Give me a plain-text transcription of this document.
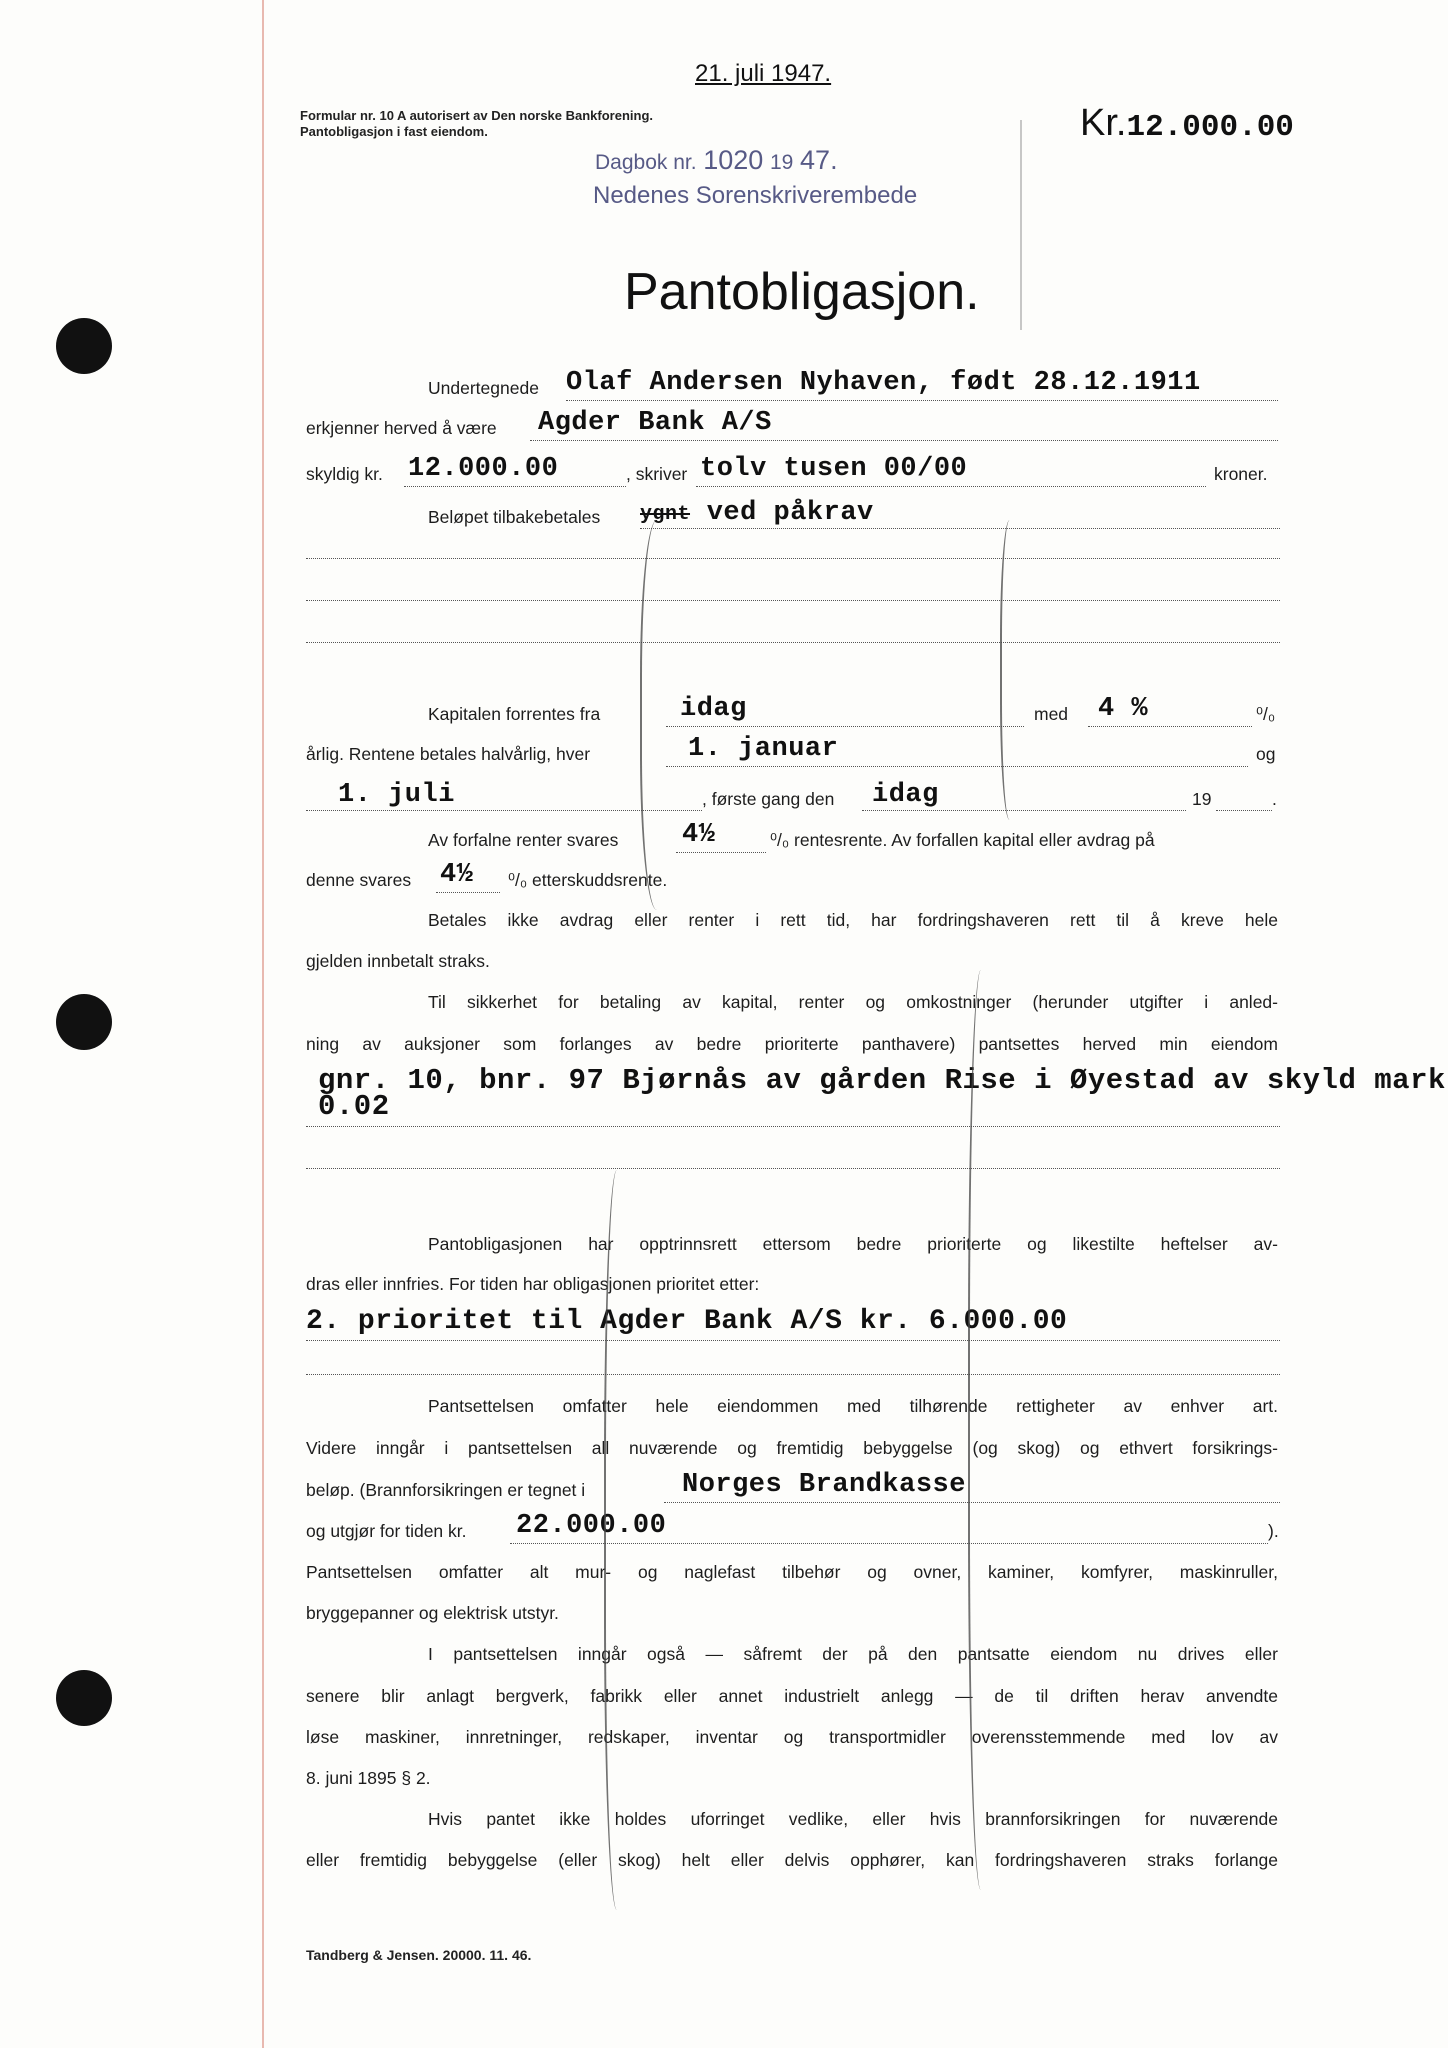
21. juli 1947.
Formular nr. 10 A autorisert av Den norske Bankforening.
Pantobligasjon i fast eiendom.	Kr.12.000.00
Dagbok nr. 1020 19 47.
Nedenes Sorenskriverembede
Pantobligasjon.
Undertegnede Olaf Andersen Nyhaven, født 28.12.1911
erkjenner herved å være Agder Bank A/S
skyldig kr. 12.000.00	, skriver tolv tusen 00/00	kroner.
Beløpet tilbakebetales ygnt ved påkrav
Kapitalen forrentes fra	idag	med 4 %	⁰/₀
årlig. Rentene betales halvårlig, hver	1. januar	og
1. juli	, første gang den idag	19	.
Av forfalne renter svares 4½	⁰/₀ rentesrente. Av forfallen kapital eller avdrag på
denne svares 4½ ⁰/₀ etterskuddsrente.
Betales ikke avdrag eller renter i rett tid, har fordringshaveren rett til å kreve hele
gjelden innbetalt straks.
Til sikkerhet for betaling av kapital, renter og omkostninger (herunder utgifter i anled-
ning av auksjoner som forlanges av bedre prioriterte panthavere) pantsettes herved min eiendom
gnr. 10, bnr. 97 Bjørnås av gården Rise i Øyestad av skyld mark
0.02
Pantobligasjonen har opptrinnsrett ettersom bedre prioriterte og likestilte heftelser av-
dras eller innfries. For tiden har obligasjonen prioritet etter:
2. prioritet til Agder Bank A/S kr. 6.000.00
Pantsettelsen omfatter hele eiendommen med tilhørende rettigheter av enhver art.
Videre inngår i pantsettelsen all nuværende og fremtidig bebyggelse (og skog) og ethvert forsikrings-
beløp. (Brannforsikringen er tegnet i	Norges Brandkasse
og utgjør for tiden kr. 22.000.00	).
Pantsettelsen omfatter alt mur- og naglefast tilbehør og ovner, kaminer, komfyrer, maskinruller,
bryggepanner og elektrisk utstyr.
I pantsettelsen inngår også — såfremt der på den pantsatte eiendom nu drives eller
senere blir anlagt bergverk, fabrikk eller annet industrielt anlegg — de til driften herav anvendte
løse maskiner, innretninger, redskaper, inventar og transportmidler overensstemmende med lov av
8. juni 1895 § 2.
Hvis pantet ikke holdes uforringet vedlike, eller hvis brannforsikringen for nuværende
eller fremtidig bebyggelse (eller skog) helt eller delvis opphører, kan fordringshaveren straks forlange
Tandberg & Jensen. 20000. 11. 46.
